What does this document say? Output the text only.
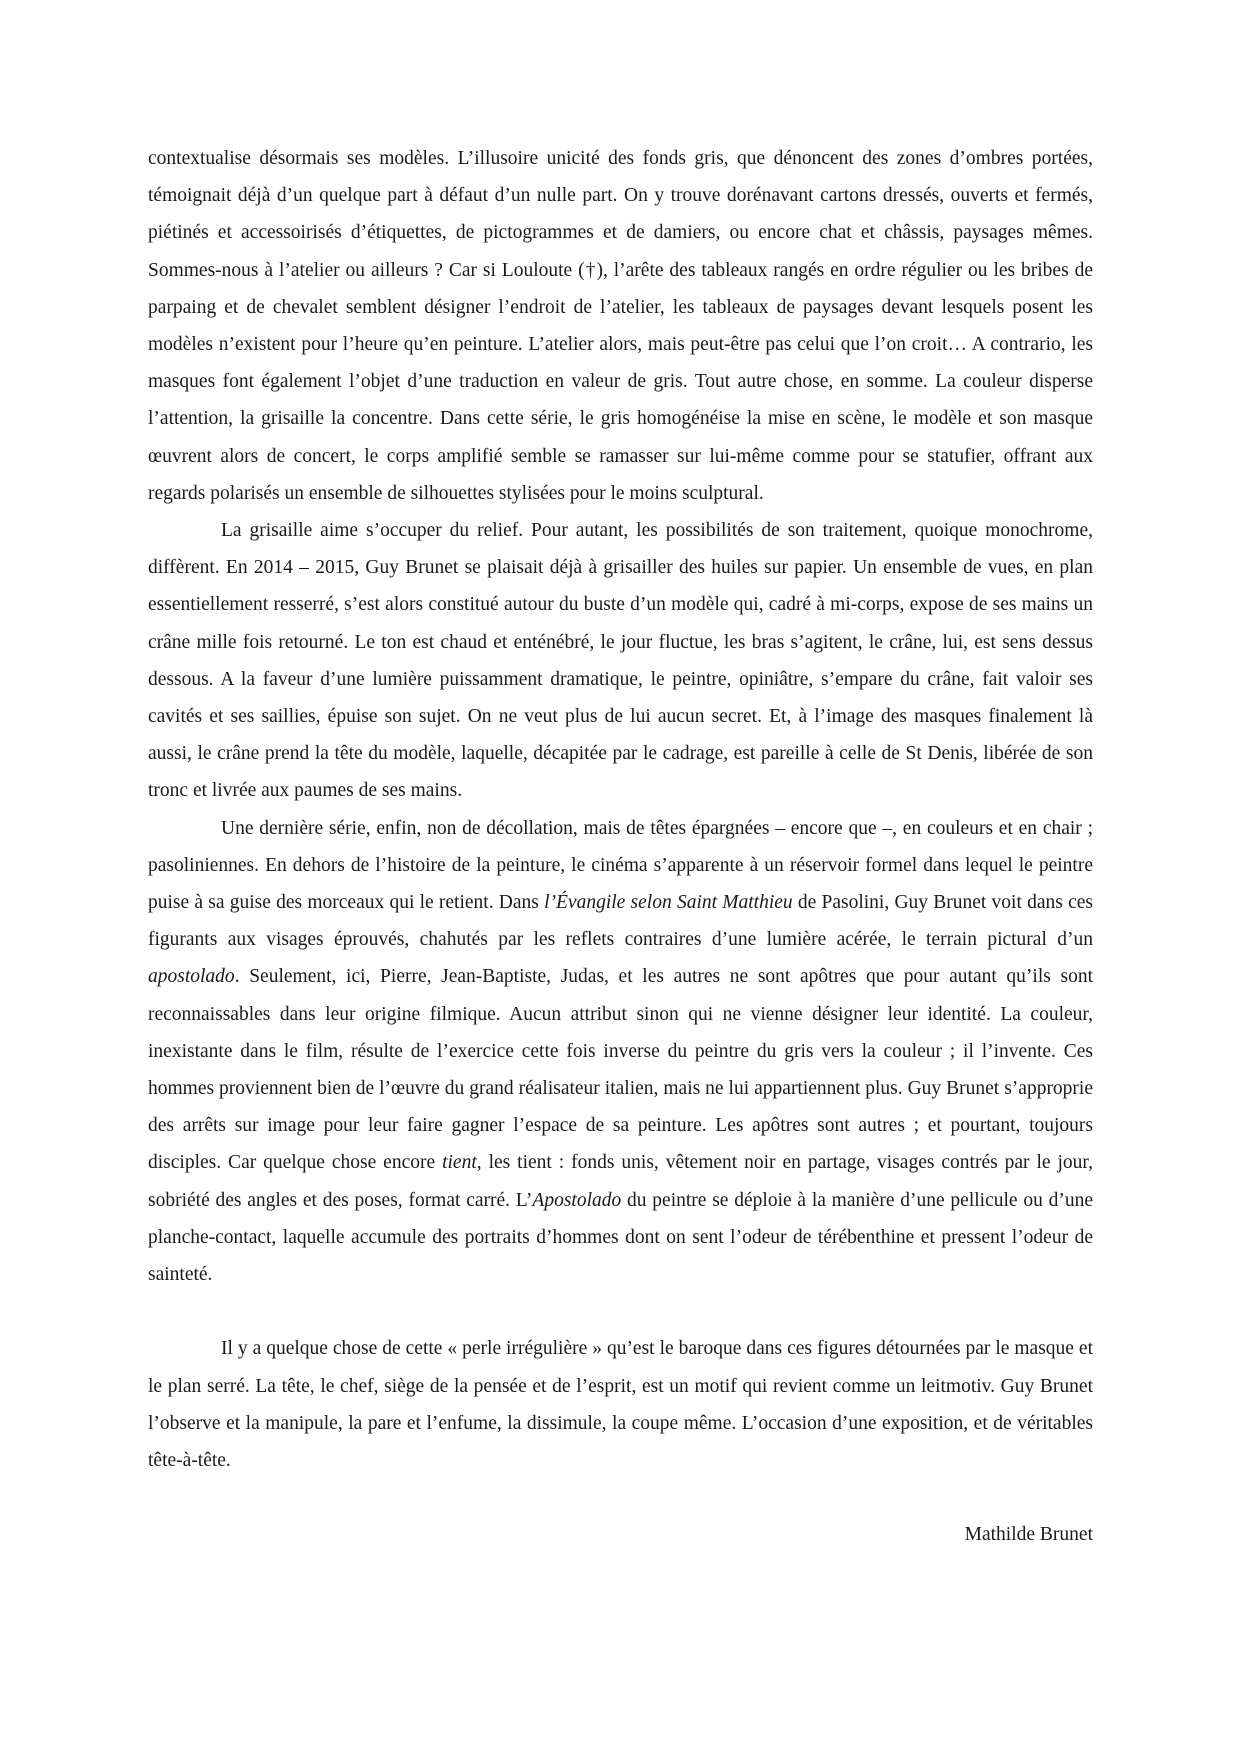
contextualise désormais ses modèles. L’illusoire unicité des fonds gris, que dénoncent des zones d’ombres portées, témoignait déjà d’un quelque part à défaut d’un nulle part. On y trouve dorénavant cartons dressés, ouverts et fermés, piétinés et accessoirisés d’étiquettes, de pictogrammes et de damiers, ou encore chat et châssis, paysages mêmes. Sommes-nous à l’atelier ou ailleurs ? Car si Louloute (†), l’arête des tableaux rangés en ordre régulier ou les bribes de parpaing et de chevalet semblent désigner l’endroit de l’atelier, les tableaux de paysages devant lesquels posent les modèles n’existent pour l’heure qu’en peinture. L’atelier alors, mais peut-être pas celui que l’on croit… A contrario, les masques font également l’objet d’une traduction en valeur de gris. Tout autre chose, en somme. La couleur disperse l’attention, la grisaille la concentre. Dans cette série, le gris homogénéise la mise en scène, le modèle et son masque œuvrent alors de concert, le corps amplifié semble se ramasser sur lui-même comme pour se statufier, offrant aux regards polarisés un ensemble de silhouettes stylisées pour le moins sculptural.

La grisaille aime s’occuper du relief. Pour autant, les possibilités de son traitement, quoique monochrome, diffèrent. En 2014 – 2015, Guy Brunet se plaisait déjà à grisailler des huiles sur papier. Un ensemble de vues, en plan essentiellement resserré, s’est alors constitué autour du buste d’un modèle qui, cadré à mi-corps, expose de ses mains un crâne mille fois retourné. Le ton est chaud et enténébré, le jour fluctue, les bras s’agitent, le crâne, lui, est sens dessus dessous. A la faveur d’une lumière puissamment dramatique, le peintre, opiniâtre, s’empare du crâne, fait valoir ses cavités et ses saillies, épuise son sujet. On ne veut plus de lui aucun secret. Et, à l’image des masques finalement là aussi, le crâne prend la tête du modèle, laquelle, décapitée par le cadrage, est pareille à celle de St Denis, libérée de son tronc et livrée aux paumes de ses mains.

Une dernière série, enfin, non de décollation, mais de têtes épargnées – encore que –, en couleurs et en chair ; pasoliniennes. En dehors de l’histoire de la peinture, le cinéma s’apparente à un réservoir formel dans lequel le peintre puise à sa guise des morceaux qui le retient. Dans l’Évangile selon Saint Matthieu de Pasolini, Guy Brunet voit dans ces figurants aux visages éprouvés, chahutés par les reflets contraires d’une lumière acérée, le terrain pictural d’un apostolado. Seulement, ici, Pierre, Jean-Baptiste, Judas, et les autres ne sont apôtres que pour autant qu’ils sont reconnaissables dans leur origine filmique. Aucun attribut sinon qui ne vienne désigner leur identité. La couleur, inexistante dans le film, résulte de l’exercice cette fois inverse du peintre du gris vers la couleur ; il l’invente. Ces hommes proviennent bien de l’œuvre du grand réalisateur italien, mais ne lui appartiennent plus. Guy Brunet s’approprie des arrêts sur image pour leur faire gagner l’espace de sa peinture. Les apôtres sont autres ; et pourtant, toujours disciples. Car quelque chose encore tient, les tient : fonds unis, vêtement noir en partage, visages contrés par le jour, sobriété des angles et des poses, format carré. L’Apostolado du peintre se déploie à la manière d’une pellicule ou d’une planche-contact, laquelle accumule des portraits d’hommes dont on sent l’odeur de térébenthine et pressent l’odeur de sainteté.

Il y a quelque chose de cette « perle irrégulière » qu’est le baroque dans ces figures détournées par le masque et le plan serré. La tête, le chef, siège de la pensée et de l’esprit, est un motif qui revient comme un leitmotiv. Guy Brunet l’observe et la manipule, la pare et l’enfume, la dissimule, la coupe même. L’occasion d’une exposition, et de véritables tête-à-tête.

Mathilde Brunet
